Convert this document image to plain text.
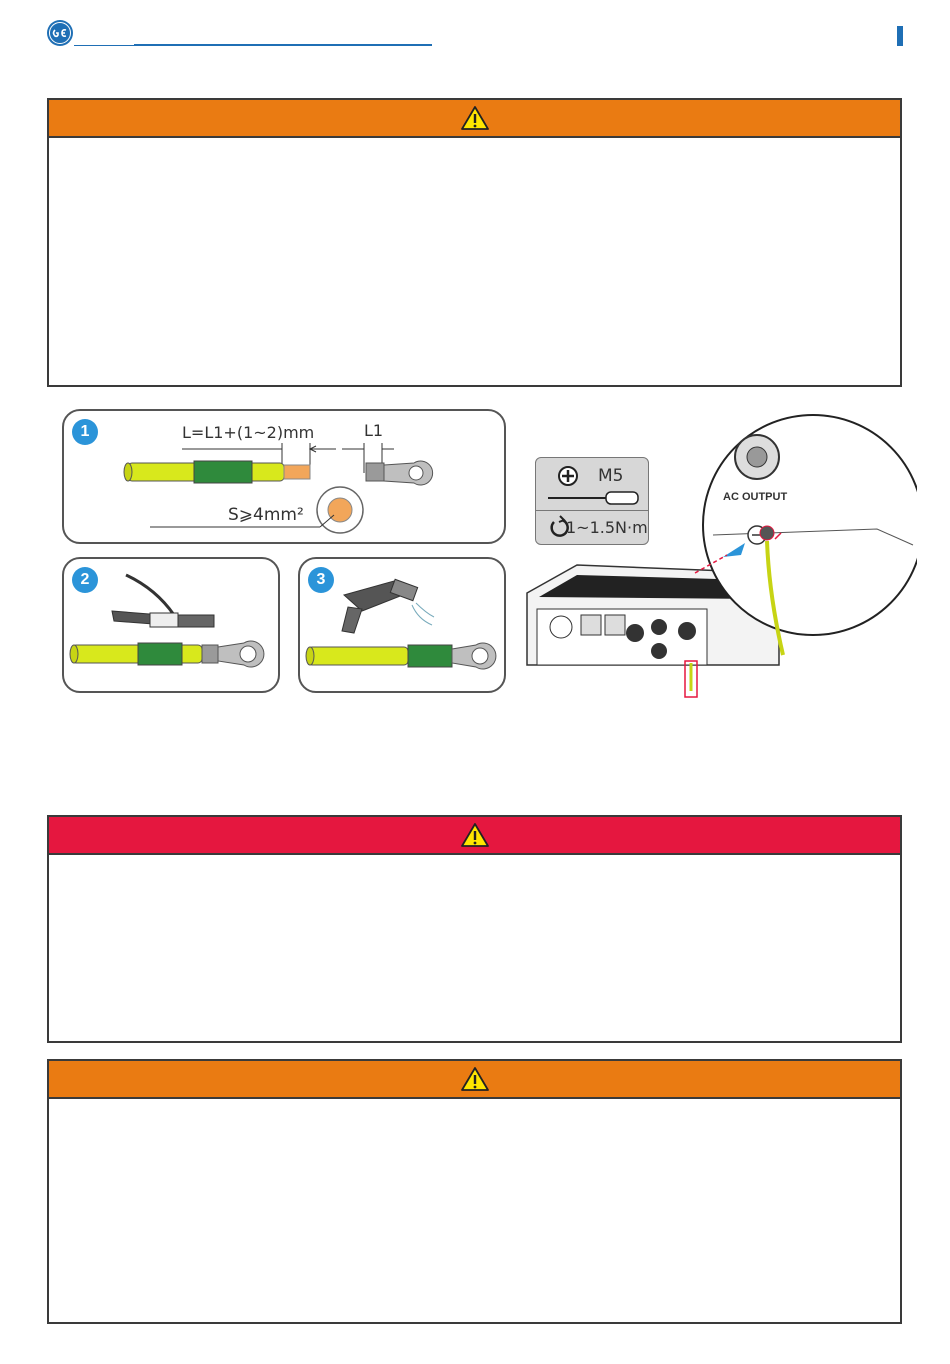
1	L=L1+(1~2)mm	L1
S⩾4mm²
2	3
M5
1~1.5N·m
AC OUTPUT
4
